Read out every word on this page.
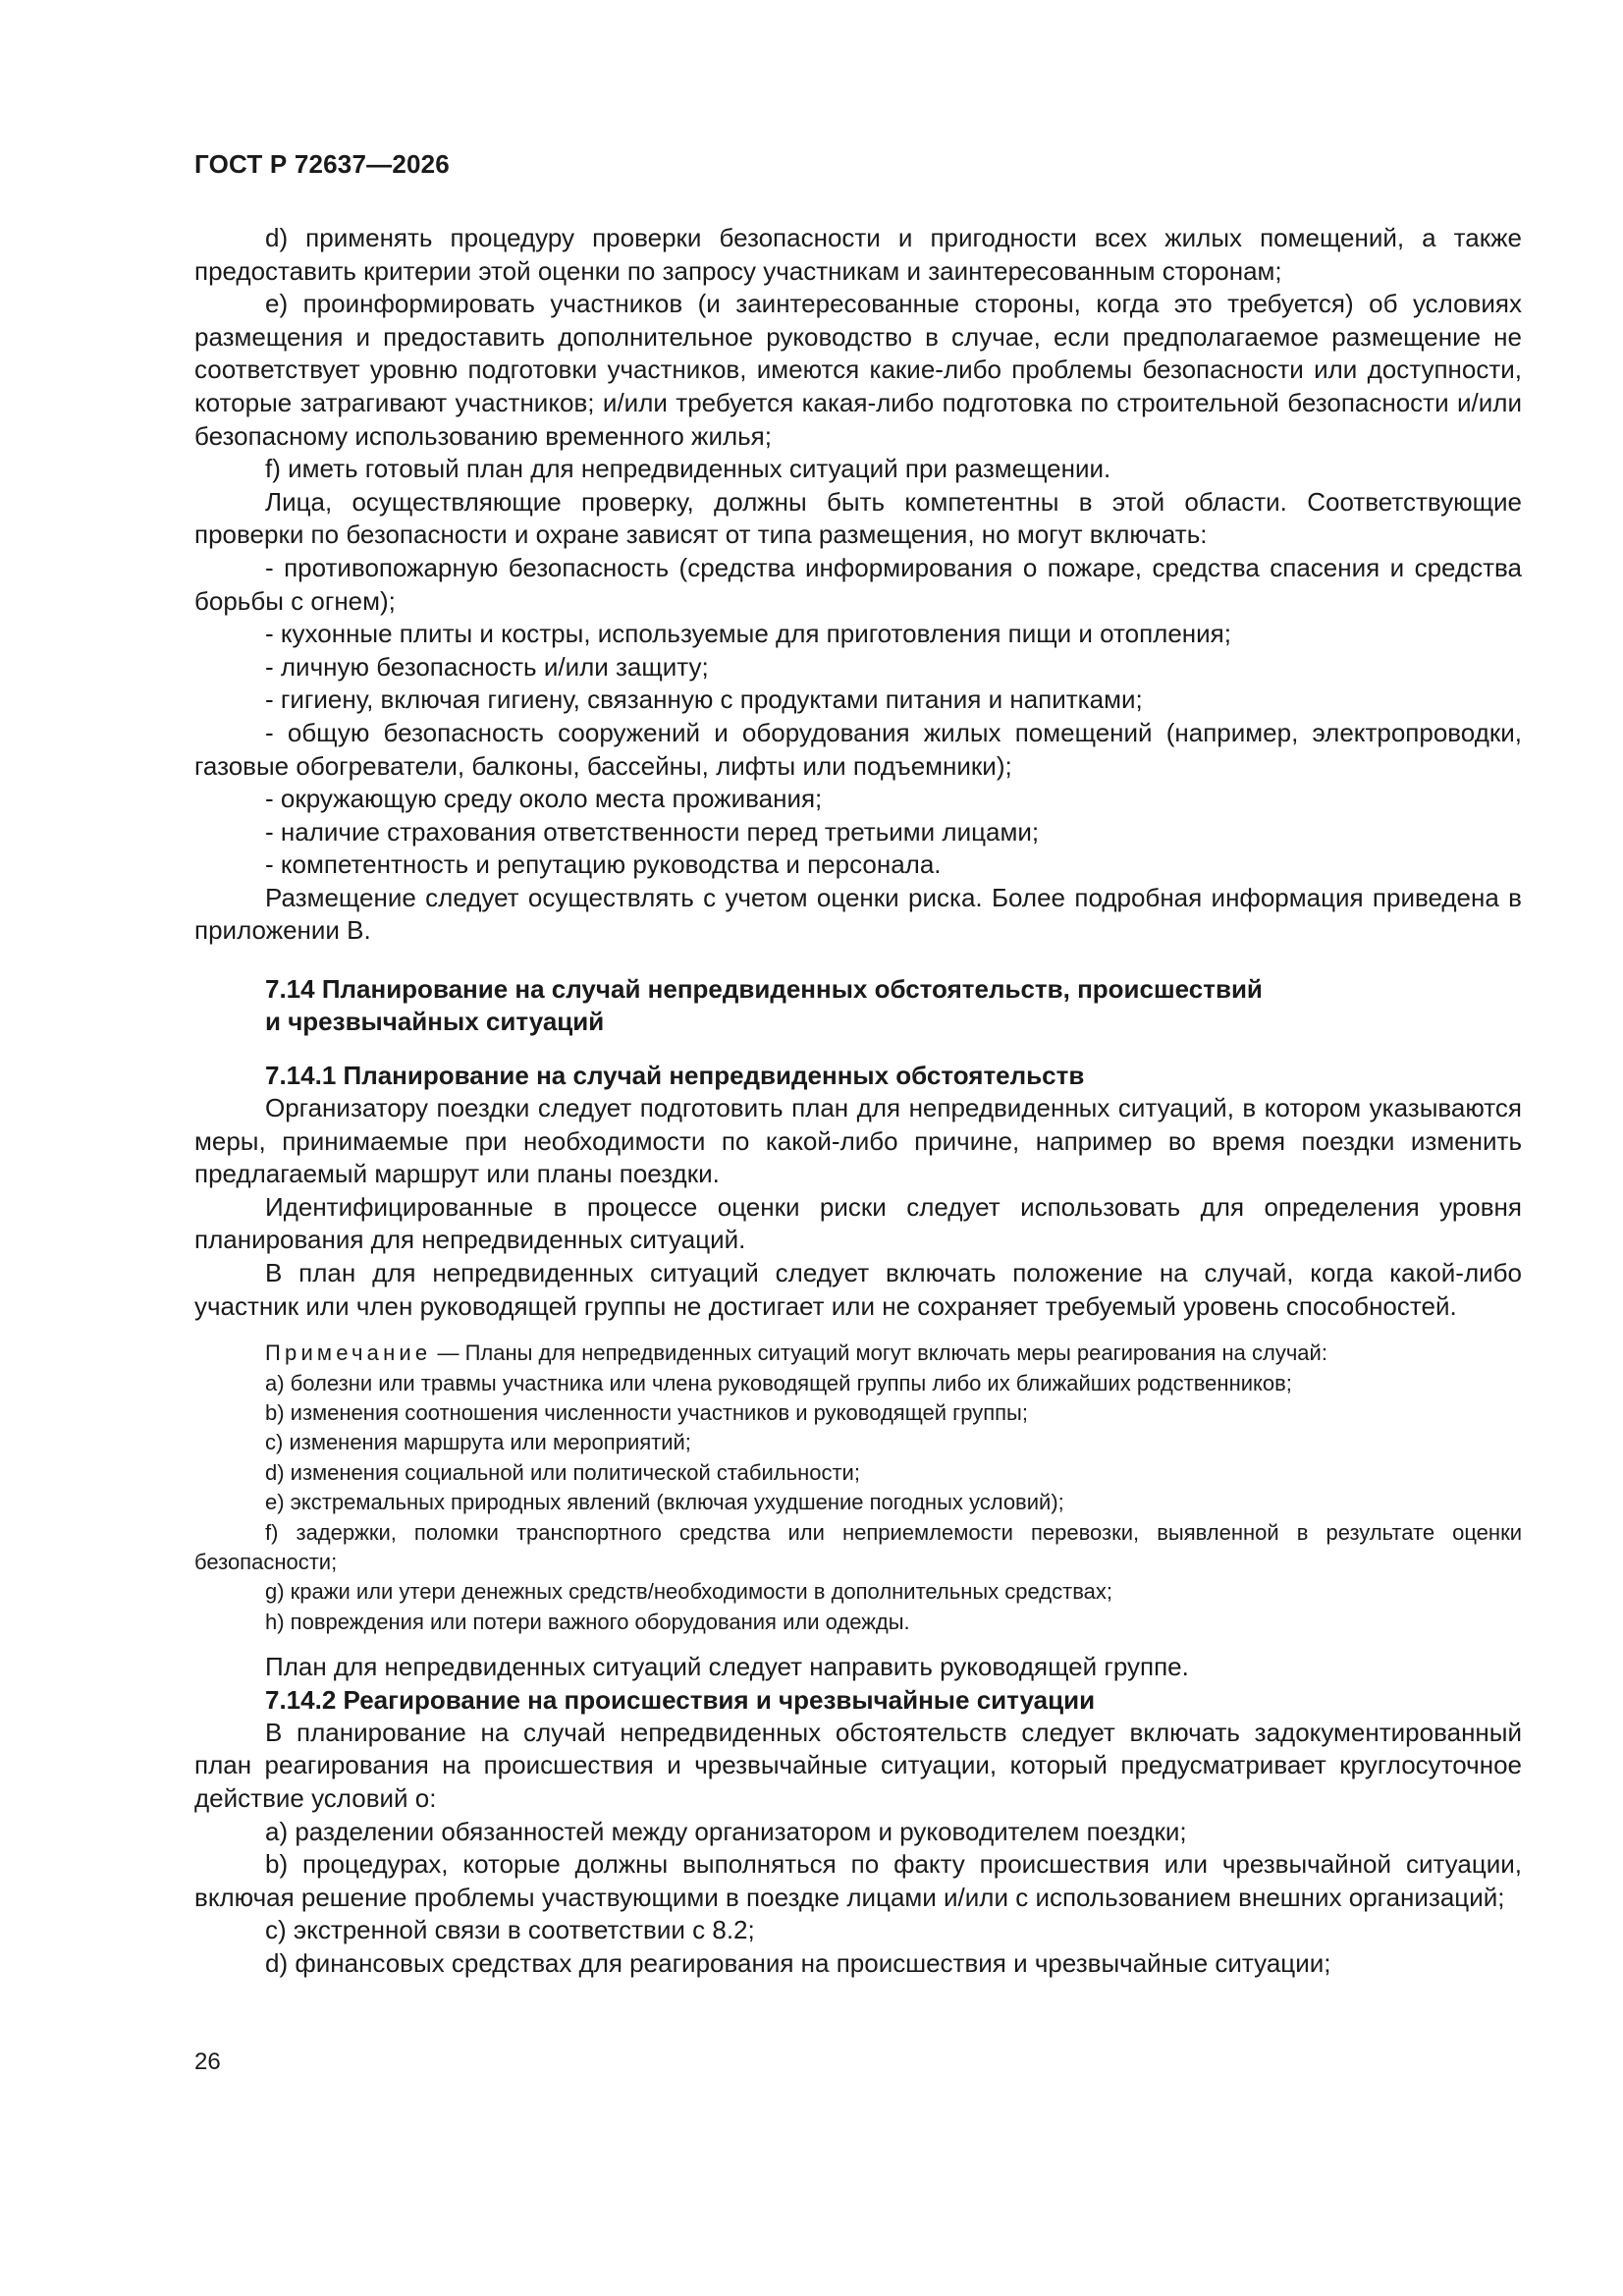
ГОСТ Р 72637—2026

d) применять процедуру проверки безопасности и пригодности всех жилых помещений, а также предоставить критерии этой оценки по запросу участникам и заинтересованным сторонам;

е) проинформировать участников (и заинтересованные стороны, когда это требуется) об условиях размещения и предоставить дополнительное руководство в случае, если предполагаемое размещение не соответствует уровню подготовки участников, имеются какие-либо проблемы безопасности или доступности, которые затрагивают участников; и/или требуется какая-либо подготовка по строительной безопасности и/или безопасному использованию временного жилья;

f) иметь готовый план для непредвиденных ситуаций при размещении.

Лица, осуществляющие проверку, должны быть компетентны в этой области. Соответствующие проверки по безопасности и охране зависят от типа размещения, но могут включать:

- противопожарную безопасность (средства информирования о пожаре, средства спасения и средства борьбы с огнем);

- кухонные плиты и костры, используемые для приготовления пищи и отопления;

- личную безопасность и/или защиту;

- гигиену, включая гигиену, связанную с продуктами питания и напитками;

- общую безопасность сооружений и оборудования жилых помещений (например, электропроводки, газовые обогреватели, балконы, бассейны, лифты или подъемники);

- окружающую среду около места проживания;

- наличие страхования ответственности перед третьими лицами;

- компетентность и репутацию руководства и персонала.

Размещение следует осуществлять с учетом оценки риска. Более подробная информация приведена в приложении В.

7.14 Планирование на случай непредвиденных обстоятельств, происшествий
и чрезвычайных ситуаций
7.14.1 Планирование на случай непредвиденных обстоятельств

Организатору поездки следует подготовить план для непредвиденных ситуаций, в котором указываются меры, принимаемые при необходимости по какой-либо причине, например во время поездки изменить предлагаемый маршрут или планы поездки.

Идентифицированные в процессе оценки риски следует использовать для определения уровня планирования для непредвиденных ситуаций.

В план для непредвиденных ситуаций следует включать положение на случай, когда какой-либо участник или член руководящей группы не достигает или не сохраняет требуемый уровень способностей.

Примечание — Планы для непредвиденных ситуаций могут включать меры реагирования на случай:

a) болезни или травмы участника или члена руководящей группы либо их ближайших родственников;

b) изменения соотношения численности участников и руководящей группы;

c) изменения маршрута или мероприятий;

d) изменения социальной или политической стабильности;

e) экстремальных природных явлений (включая ухудшение погодных условий);

f) задержки, поломки транспортного средства или неприемлемости перевозки, выявленной в результате оценки безопасности;

g) кражи или утери денежных средств/необходимости в дополнительных средствах;

h) повреждения или потери важного оборудования или одежды.

План для непредвиденных ситуаций следует направить руководящей группе.

7.14.2 Реагирование на происшествия и чрезвычайные ситуации

В планирование на случай непредвиденных обстоятельств следует включать задокументированный план реагирования на происшествия и чрезвычайные ситуации, который предусматривает круглосуточное действие условий о:

a) разделении обязанностей между организатором и руководителем поездки;

b) процедурах, которые должны выполняться по факту происшествия или чрезвычайной ситуации, включая решение проблемы участвующими в поездке лицами и/или с использованием внешних организаций;

c) экстренной связи в соответствии с 8.2;

d) финансовых средствах для реагирования на происшествия и чрезвычайные ситуации;

26
